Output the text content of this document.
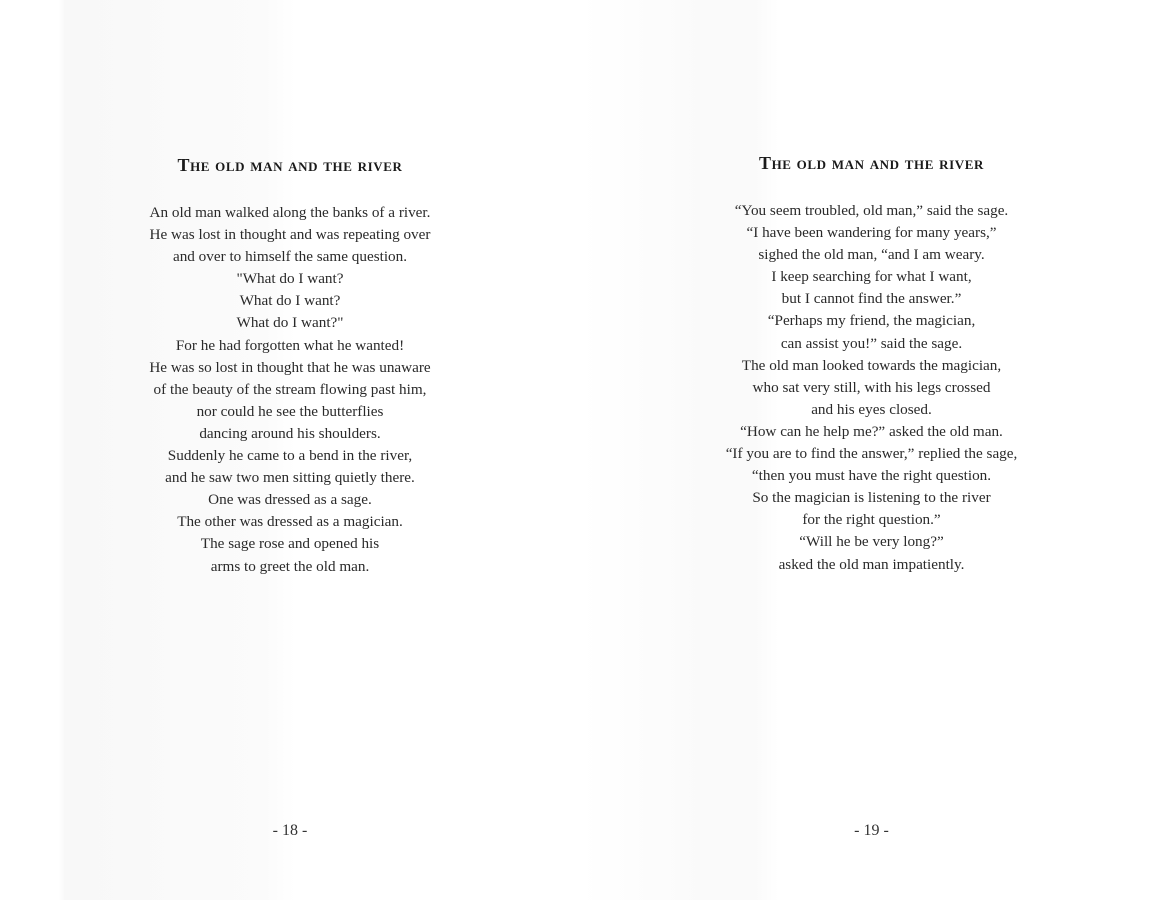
The old man and the river
An old man walked along the banks of a river.
He was lost in thought and was repeating over
and over to himself the same question.
"What do I want?
What do I want?
What do I want?"
For he had forgotten what he wanted!
He was so lost in thought that he was unaware
of the beauty of the stream flowing past him,
nor could he see the butterflies
dancing around his shoulders.
Suddenly he came to a bend in the river,
and he saw two men sitting quietly there.
One was dressed as a sage.
The other was dressed as a magician.
The sage rose and opened his
arms to greet the old man.
- 18 -
The old man and the river
“You seem troubled, old man,” said the sage.
“I have been wandering for many years,”
sighed the old man, “and I am weary.
I keep searching for what I want,
but I cannot find the answer.”
“Perhaps my friend, the magician,
can assist you!” said the sage.
The old man looked towards the magician,
who sat very still, with his legs crossed
and his eyes closed.
“How can he help me?” asked the old man.
“If you are to find the answer,” replied the sage,
“then you must have the right question.
So the magician is listening to the river
for the right question.”
“Will he be very long?”
asked the old man impatiently.
- 19 -
